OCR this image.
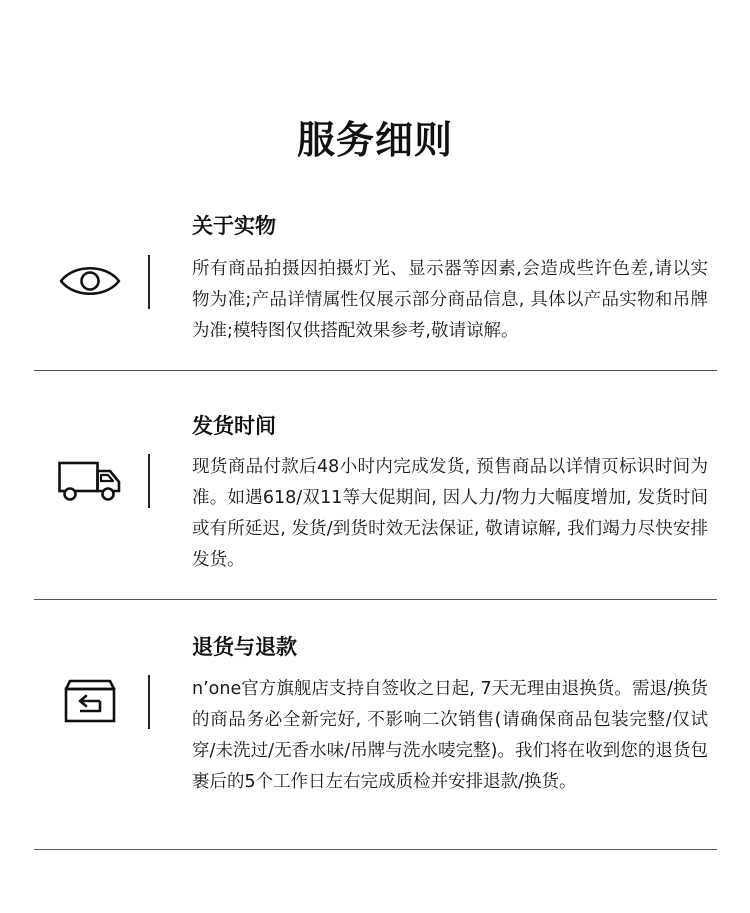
服务细则
关于实物
所有商品拍摄因拍摄灯光、显示器等因素,会造成些许色差,请以实物为准;产品详情属性仅展示部分商品信息, 具体以产品实物和吊牌为准;模特图仅供搭配效果参考,敬请谅解。
发货时间
现货商品付款后48小时内完成发货, 预售商品以详情页标识时间为准。如遇618/双11等大促期间, 因人力/物力大幅度增加, 发货时间或有所延迟, 发货/到货时效无法保证, 敬请谅解, 我们竭力尽快安排发货。
退货与退款
n’one官方旗舰店支持自签收之日起, 7天无理由退换货。需退/换货的商品务必全新完好, 不影响二次销售(请确保商品包装完整/仅试穿/未洗过/无香水味/吊牌与洗水唛完整)。我们将在收到您的退货包裹后的5个工作日左右完成质检并安排退款/换货。
